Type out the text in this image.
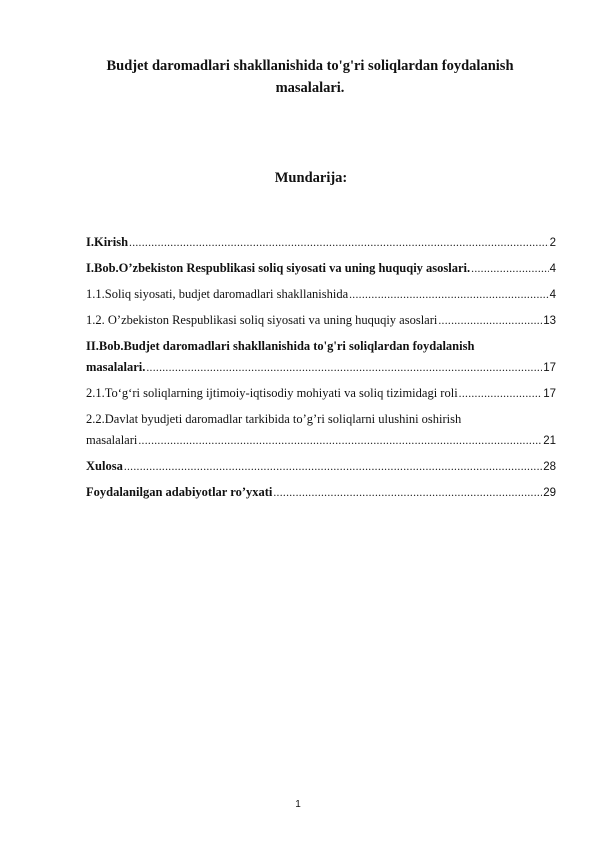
Budjet daromadlari shakllanishida to'g'ri soliqlardan foydalanish masalalari.
Mundarija:
I.Kirish .....	2
I.Bob.O’zbekiston Respublikasi soliq siyosati va uning huquqiy asoslari. .....	4
1.1.Soliq siyosati, budjet daromadlari shakllanishida .....	4
1.2. O’zbekiston Respublikasi soliq siyosati va uning huquqiy asoslari .....	13
II.Bob.Budjet daromadlari shakllanishida to'g'ri soliqlardan foydalanish
masalalari. .....	17
2.1.To‘g‘ri soliqlarning ijtimoiy-iqtisodiy mohiyati va soliq tizimidagi roli .....	17
2.2.Davlat byudjeti daromadlar tarkibida to’g’ri soliqlarni ulushini oshirish
masalalari .....	21
Xulosa .....	28
Foydalanilgan adabiyotlar ro’yxati .....	29
1
